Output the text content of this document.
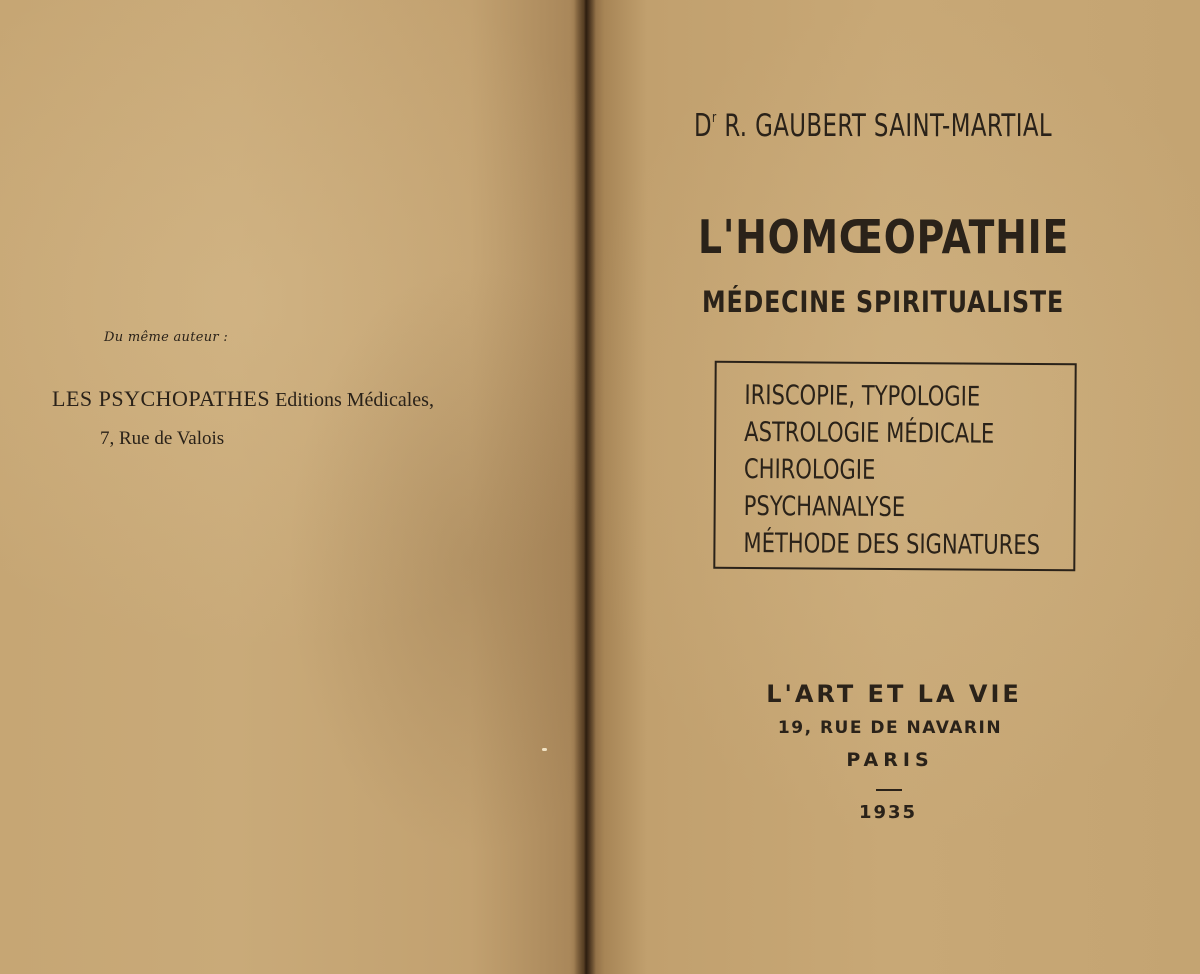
Du même auteur :
LES PSYCHOPATHES Editions Médicales,
7, Rue de Valois
$D^r$ R. GAUBERT SAINT-MARTIAL
L'HOMŒOPATHIE
MÉDECINE SPIRITUALISTE
IRISCOPIE, TYPOLOGIE
ASTROLOGIE MÉDICALE
CHIROLOGIE
PSYCHANALYSE
MÉTHODE DES SIGNATURES
L'ART ET LA VIE
19, RUE DE NAVARIN
PARIS
1935
